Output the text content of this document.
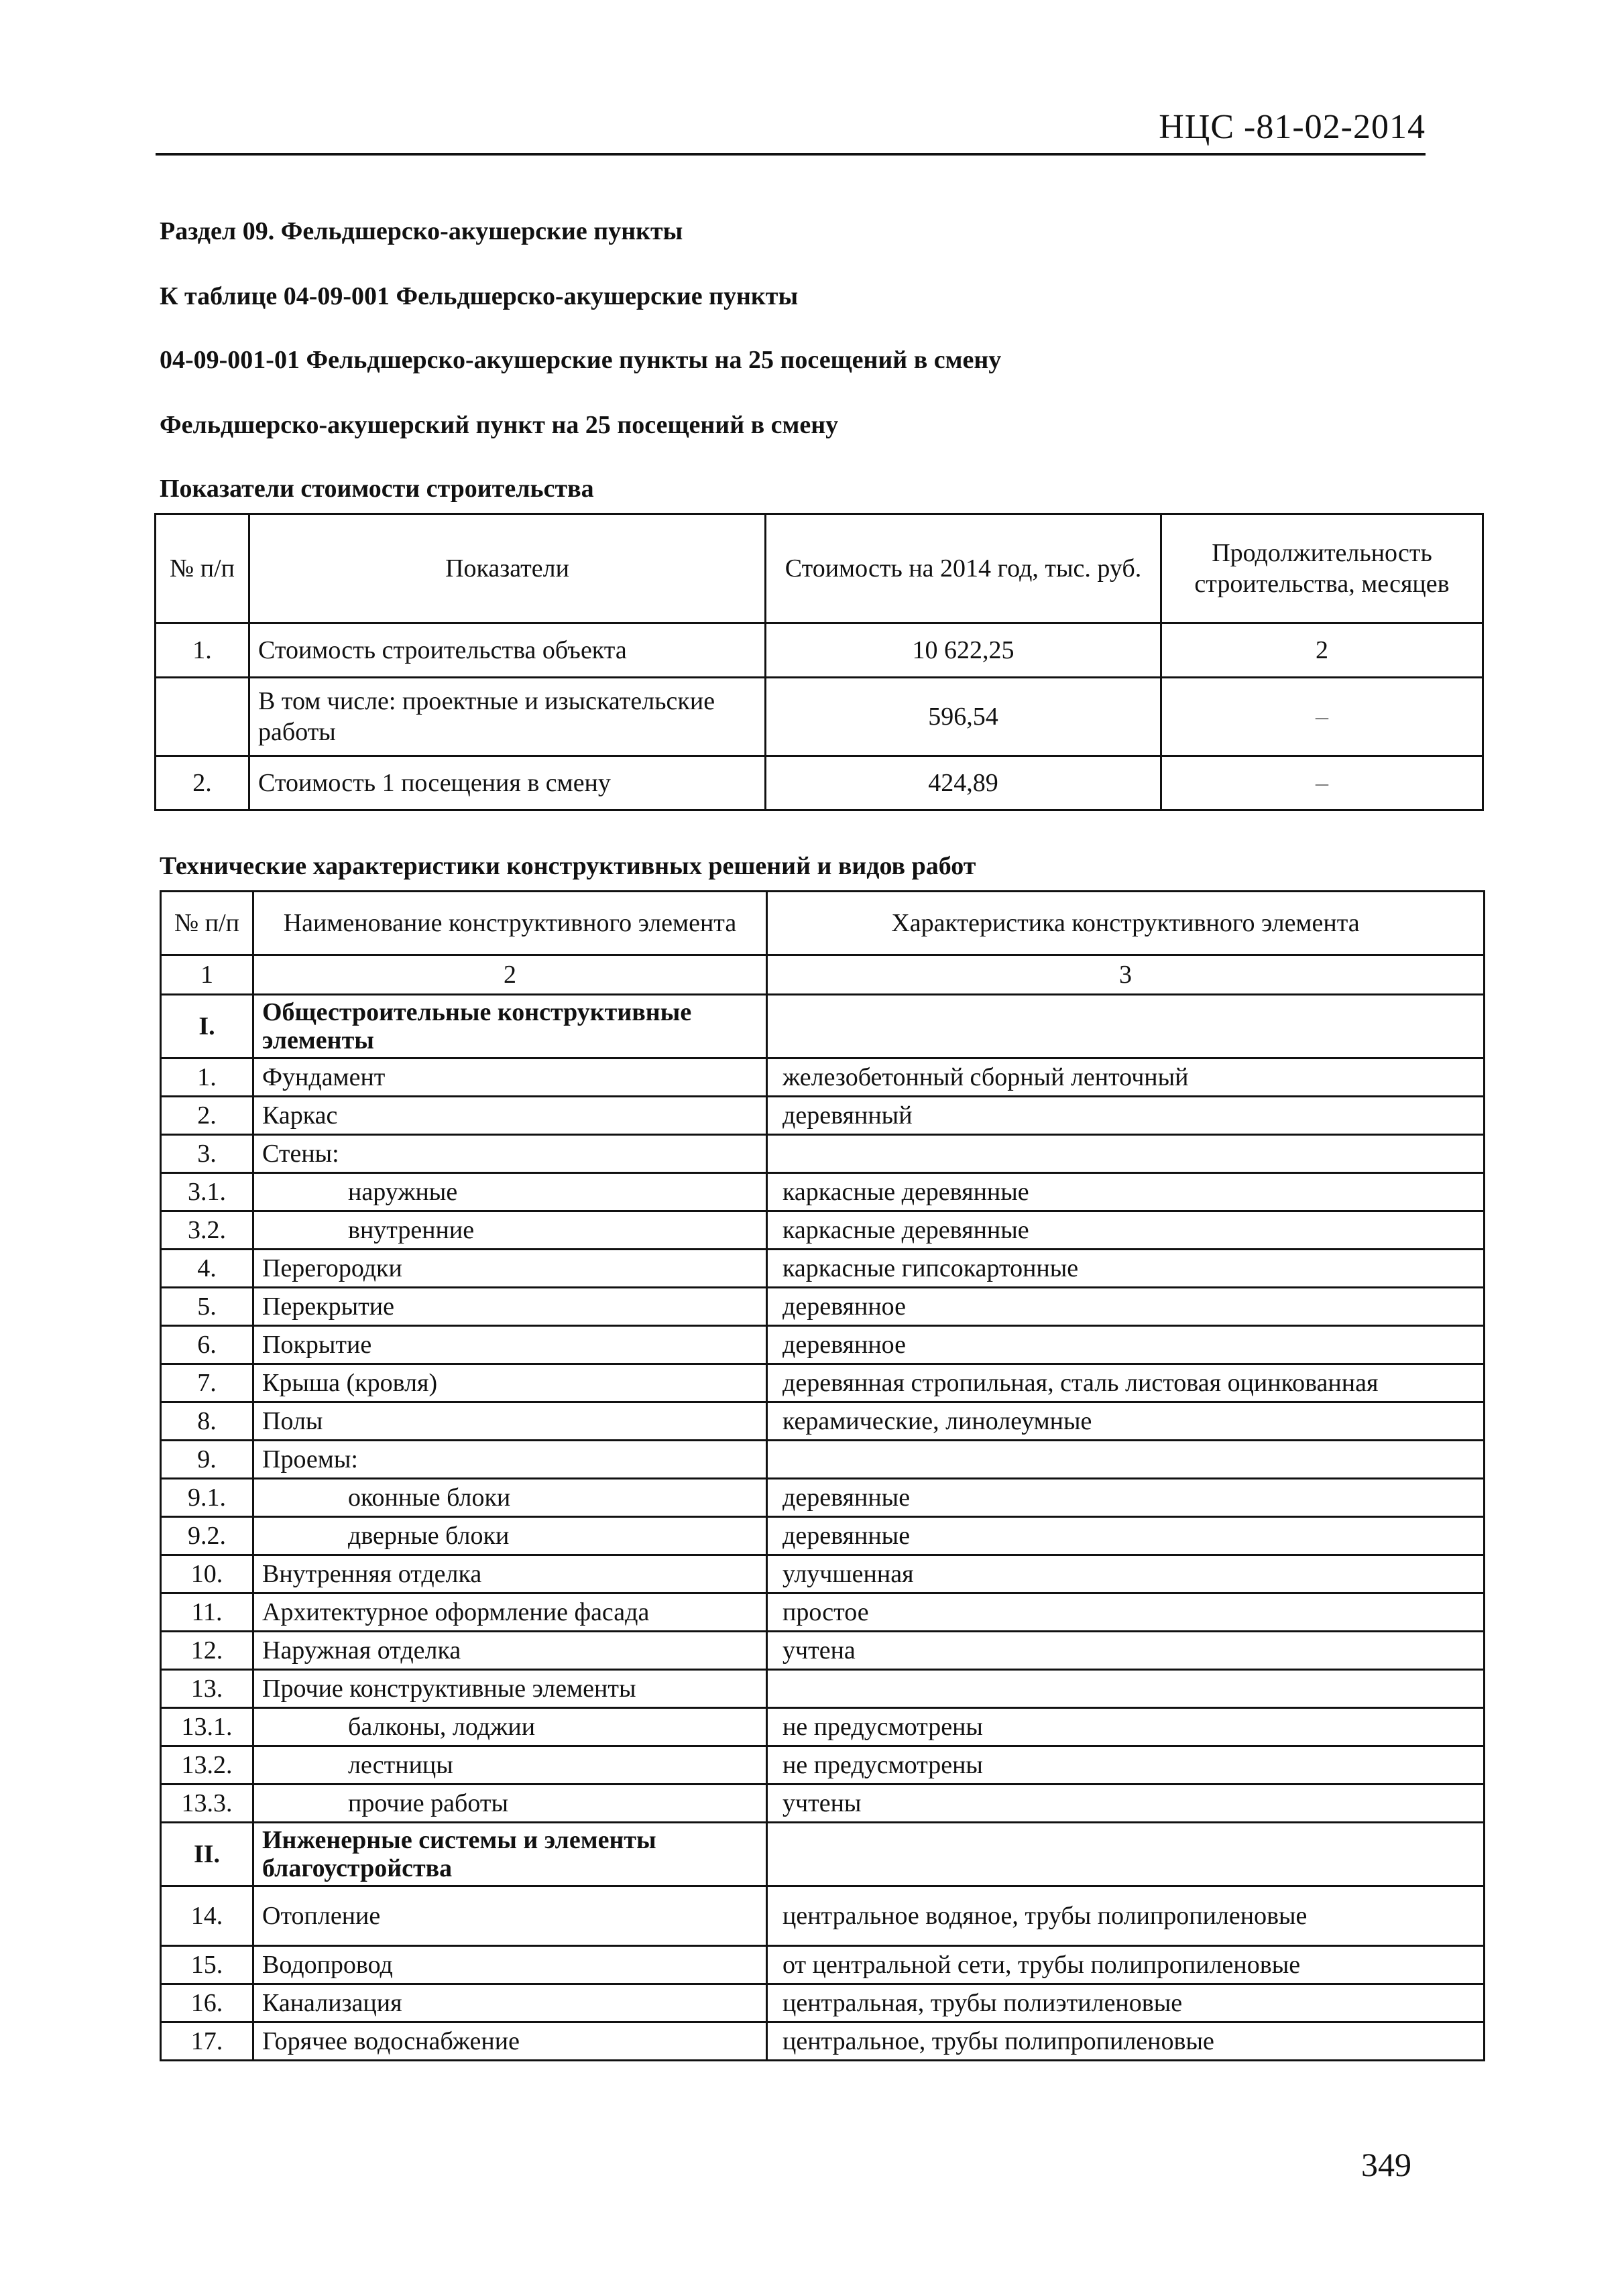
НЦС -81-02-2014
Раздел 09. Фельдшерско-акушерские пункты
К таблице 04-09-001 Фельдшерско-акушерские пункты
04-09-001-01 Фельдшерско-акушерские пункты на 25 посещений в смену
Фельдшерско-акушерский пункт на 25 посещений в смену
Показатели стоимости строительства
№ п/п	Показатели	Стоимость на 2014 год, тыс. руб.	Продолжительность строительства, месяцев
1.	Стоимость строительства объекта	10 622,25	2
	В том числе: проектные и изыскательские работы	596,54	–
2.	Стоимость 1 посещения в смену	424,89	–
Технические характеристики конструктивных решений и видов работ
№ п/п	Наименование конструктивного элемента	Характеристика конструктивного элемента
1	2	3
I.	Общестроительные конструктивные элементы	
1.	Фундамент	железобетонный сборный ленточный
2.	Каркас	деревянный
3.	Стены:	
3.1.	наружные	каркасные деревянные
3.2.	внутренние	каркасные деревянные
4.	Перегородки	каркасные гипсокартонные
5.	Перекрытие	деревянное
6.	Покрытие	деревянное
7.	Крыша (кровля)	деревянная стропильная, сталь листовая оцинкованная
8.	Полы	керамические, линолеумные
9.	Проемы:	
9.1.	оконные блоки	деревянные
9.2.	дверные блоки	деревянные
10.	Внутренняя отделка	улучшенная
11.	Архитектурное оформление фасада	простое
12.	Наружная отделка	учтена
13.	Прочие конструктивные элементы	
13.1.	балконы, лоджии	не предусмотрены
13.2.	лестницы	не предусмотрены
13.3.	прочие работы	учтены
II.	Инженерные системы и элементы благоустройства	
14.	Отопление	центральное водяное, трубы полипропиленовые
15.	Водопровод	от центральной сети, трубы полипропиленовые
16.	Канализация	центральная, трубы полиэтиленовые
17.	Горячее водоснабжение	центральное, трубы полипропиленовые
349
